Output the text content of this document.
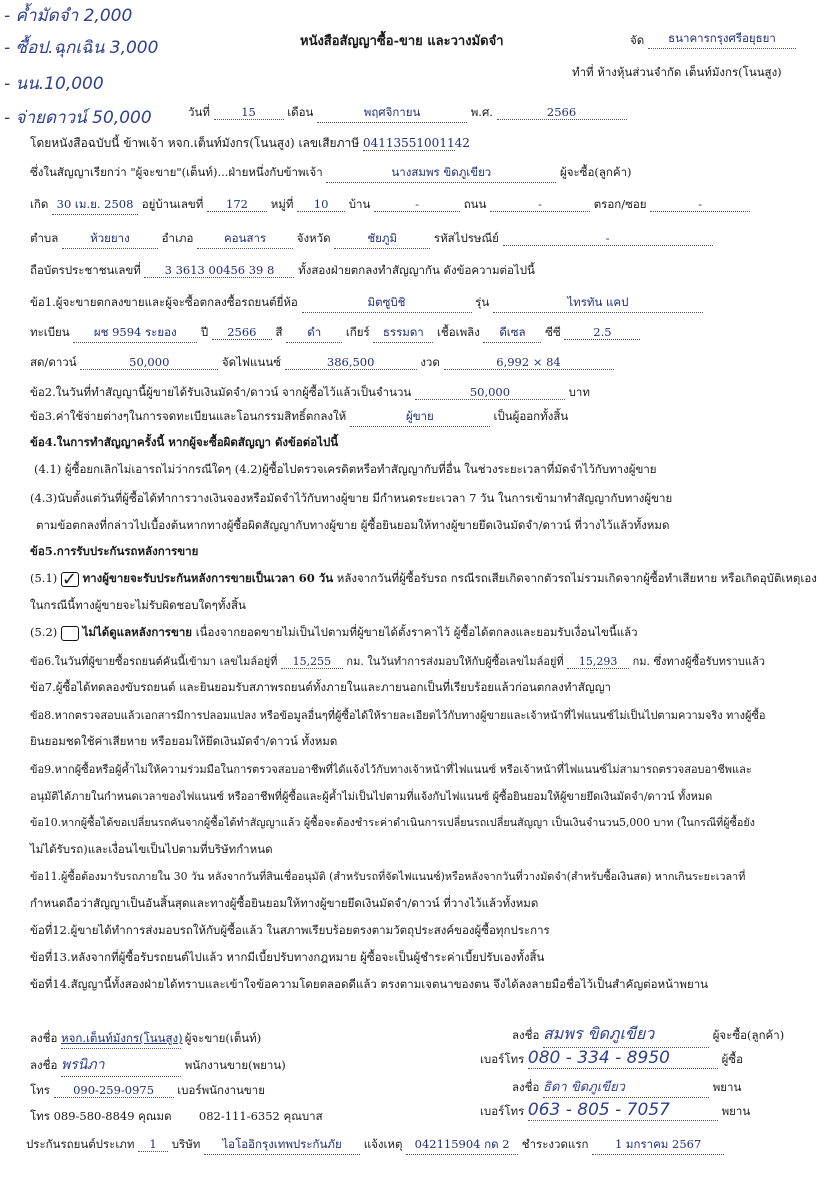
- ค้ำมัดจำ 2,000
- ซื้อป.ฉุกเฉิน 3,000
- นน.10,000
- จ่ายดาวน์ 50,000
หนังสือสัญญาซื้อ-ขาย และวางมัดจำ	จัด	ธนาคารกรุงศรีอยุธยา
ทำที่ ห้างหุ้นส่วนจำกัด เต็นท์มังกร(โนนสูง)
วันที่	15	เดือน	พฤศจิกายน	พ.ศ.	2566
โดยหนังสือฉบับนี้ ข้าพเจ้า หจก.เต็นท์มังกร(โนนสูง) เลขเสียภาษี 04113551001142
ซึ่งในสัญญาเรียกว่า "ผู้จะขาย"(เต็นท์)...ฝ่ายหนึ่งกับข้าพเจ้า	นางสมพร ขิดภูเขียว	ผู้จะซื้อ(ลูกค้า)
เกิด 30 เม.ย. 2508 อยู่บ้านเลขที่ 172 หมู่ที่ 10 บ้าน	-	ถนน	-	ตรอก/ซอย	-
ตำบล	ห้วยยาง	อำเภอ	คอนสาร	จังหวัด	ชัยภูมิ	รหัสไปรษณีย์	-
ถือบัตรประชาชนเลขที่ 3 3613 00456 39 8 ทั้งสองฝ่ายตกลงทำสัญญากัน ดังข้อความต่อไปนี้
ข้อ1.ผู้จะขายตกลงขายและผู้จะซื้อตกลงซื้อรถยนต์ยี่ห้อ	มิตซูบิชิ	รุ่น	ไทรทัน แคป
ทะเบียน ผช 9594 ระยอง ปี 2566 สี ดำ เกียร์ ธรรมดา เชื้อเพลิง ดีเซล ซีซี	2.5
สด/ดาวน์	50,000	จัดไฟแนนซ์	386,500	งวด	6,992 × 84
ข้อ2.ในวันที่ทำสัญญานี้ผู้ขายได้รับเงินมัดจำ/ดาวน์ จากผู้ซื้อไว้แล้วเป็นจำนวน	50,000	บาท
ข้อ3.ค่าใช้จ่ายต่างๆในการจดทะเบียนและโอนกรรมสิทธิ์ตกลงให้	ผู้ขาย	เป็นผู้ออกทั้งสิ้น
ข้อ4.ในการทำสัญญาครั้งนี้ หากผู้จะซื้อผิดสัญญา ดังข้อต่อไปนี้
(4.1) ผู้ซื้อยกเลิกไม่เอารถไม่ว่ากรณีใดๆ (4.2)ผู้ซื้อไปตรวจเครดิตหรือทำสัญญากับที่อื่น ในช่วงระยะเวลาที่มัดจำไว้กับทางผู้ขาย
(4.3)นับตั้งแต่วันที่ผู้ซื้อได้ทำการวางเงินจองหรือมัดจำไว้กับทางผู้ขาย มีกำหนดระยะเวลา 7 วัน ในการเข้ามาทำสัญญากับทางผู้ขาย
ตามข้อตกลงที่กล่าวไปเบื้องต้นหากทางผู้ซื้อผิดสัญญากับทางผู้ขาย ผู้ซื้อยินยอมให้ทางผู้ขายยึดเงินมัดจำ/ดาวน์ ที่วางไว้แล้วทั้งหมด
ข้อ5.การรับประกันรถหลังการขาย
(5.1) ✓ ทางผู้ขายจะรับประกันหลังการขายเป็นเวลา 60 วัน หลังจากวันที่ผู้ซื้อรับรถ กรณีรถเสียเกิดจากตัวรถไม่รวมเกิดจากผู้ซื้อทำเสียหาย หรือเกิดอุบัติเหตุเอง
ในกรณีนี้ทางผู้ขายจะไม่รับผิดชอบใดๆทั้งสิ้น
(5.2) ไม่ได้ดูแลหลังการขาย เนื่องจากยอดขายไม่เป็นไปตามที่ผู้ขายได้ตั้งราคาไว้ ผู้ซื้อได้ตกลงและยอมรับเงื่อนไขนี้แล้ว
ข้อ6.ในวันที่ผู้ขายซื้อรถยนต์คันนี้เข้ามา เลขไมล์อยู่ที่ 15,255 กม. ในวันทำการส่งมอบให้กับผู้ซื้อเลขไมล์อยู่ที่ 15,293 กม. ซึ่งทางผู้ซื้อรับทราบแล้ว
ข้อ7.ผู้ซื้อได้ทดลองขับรถยนต์ และยินยอมรับสภาพรถยนต์ทั้งภายในและภายนอกเป็นที่เรียบร้อยแล้วก่อนตกลงทำสัญญา
ข้อ8.หากตรวจสอบแล้วเอกสารมีการปลอมแปลง หรือข้อมูลอื่นๆที่ผู้ซื้อได้ให้รายละเอียดไว้กับทางผู้ขายและเจ้าหน้าที่ไฟแนนซ์ไม่เป็นไปตามความจริง ทางผู้ซื้อ
ยินยอมชดใช้ค่าเสียหาย หรือยอมให้ยึดเงินมัดจำ/ดาวน์ ทั้งหมด
ข้อ9.หากผู้ซื้อหรือผู้ค้ำไม่ให้ความร่วมมือในการตรวจสอบอาชีพที่ได้แจ้งไว้กับทางเจ้าหน้าที่ไฟแนนซ์ หรือเจ้าหน้าที่ไฟแนนซ์ไม่สามารถตรวจสอบอาชีพและ
อนุมัติได้ภายในกำหนดเวลาของไฟแนนซ์ หรืออาชีพที่ผู้ซื้อและผู้ค้ำไม่เป็นไปตามที่แจ้งกับไฟแนนซ์ ผู้ซื้อยินยอมให้ผู้ขายยึดเงินมัดจำ/ดาวน์ ทั้งหมด
ข้อ10.หากผู้ซื้อได้ขอเปลี่ยนรถคันจากผู้ซื้อได้ทำสัญญาแล้ว ผู้ซื้อจะต้องชำระค่าดำเนินการเปลี่ยนรถเปลี่ยนสัญญา เป็นเงินจำนวน5,000 บาท (ในกรณีที่ผู้ซื้อยัง
ไม่ได้รับรถ)และเงื่อนไขเป็นไปตามที่บริษัทกำหนด
ข้อ11.ผู้ซื้อต้องมารับรถภายใน 30 วัน หลังจากวันที่สินเชื่ออนุมัติ (สำหรับรถที่จัดไฟแนนซ์)หรือหลังจากวันที่วางมัดจำ(สำหรับซื้อเงินสด) หากเกินระยะเวลาที่
กำหนดถือว่าสัญญาเป็นอันสิ้นสุดและทางผู้ซื้อยินยอมให้ทางผู้ขายยึดเงินมัดจำ/ดาวน์ ที่วางไว้แล้วทั้งหมด
ข้อที่12.ผู้ขายได้ทำการส่งมอบรถให้กับผู้ซื้อแล้ว ในสภาพเรียบร้อยตรงตามวัตถุประสงค์ของผู้ซื้อทุกประการ
ข้อที่13.หลังจากที่ผู้ซื้อรับรถยนต์ไปแล้ว หากมีเบี้ยปรับทางกฎหมาย ผู้ซื้อจะเป็นผู้ชำระค่าเบี้ยปรับเองทั้งสิ้น
ข้อที่14.สัญญานี้ทั้งสองฝ่ายได้ทราบและเข้าใจข้อความโดยตลอดดีแล้ว ตรงตามเจตนาของตน จึงได้ลงลายมือชื่อไว้เป็นสำคัญต่อหน้าพยาน
ลงชื่อ หจก.เต็นท์มังกร(โนนสูง) ผู้จะขาย(เต็นท์)
ลงชื่อ พรนิภา	พนักงานขาย(พยาน)
โทร 090-259-0975 เบอร์พนักงานขาย
โทร 089-580-8849 คุณมด 082-111-6352 คุณบาส
ลงชื่อ สมพร ขิดภูเขียว	ผู้จะซื้อ(ลูกค้า)
เบอร์โทร 080 - 334 - 8950	ผู้ซื้อ
ลงชื่อ ธิดา ขิดภูเขียว	พยาน
เบอร์โทร 063 - 805 - 7057	พยาน
ประกันรถยนต์ประเภท 1 บริษัท ไอโออิกรุงเทพประกันภัย แจ้งเหตุ 042115904 กด 2 ชำระงวดแรก 1 มกราคม 2567
